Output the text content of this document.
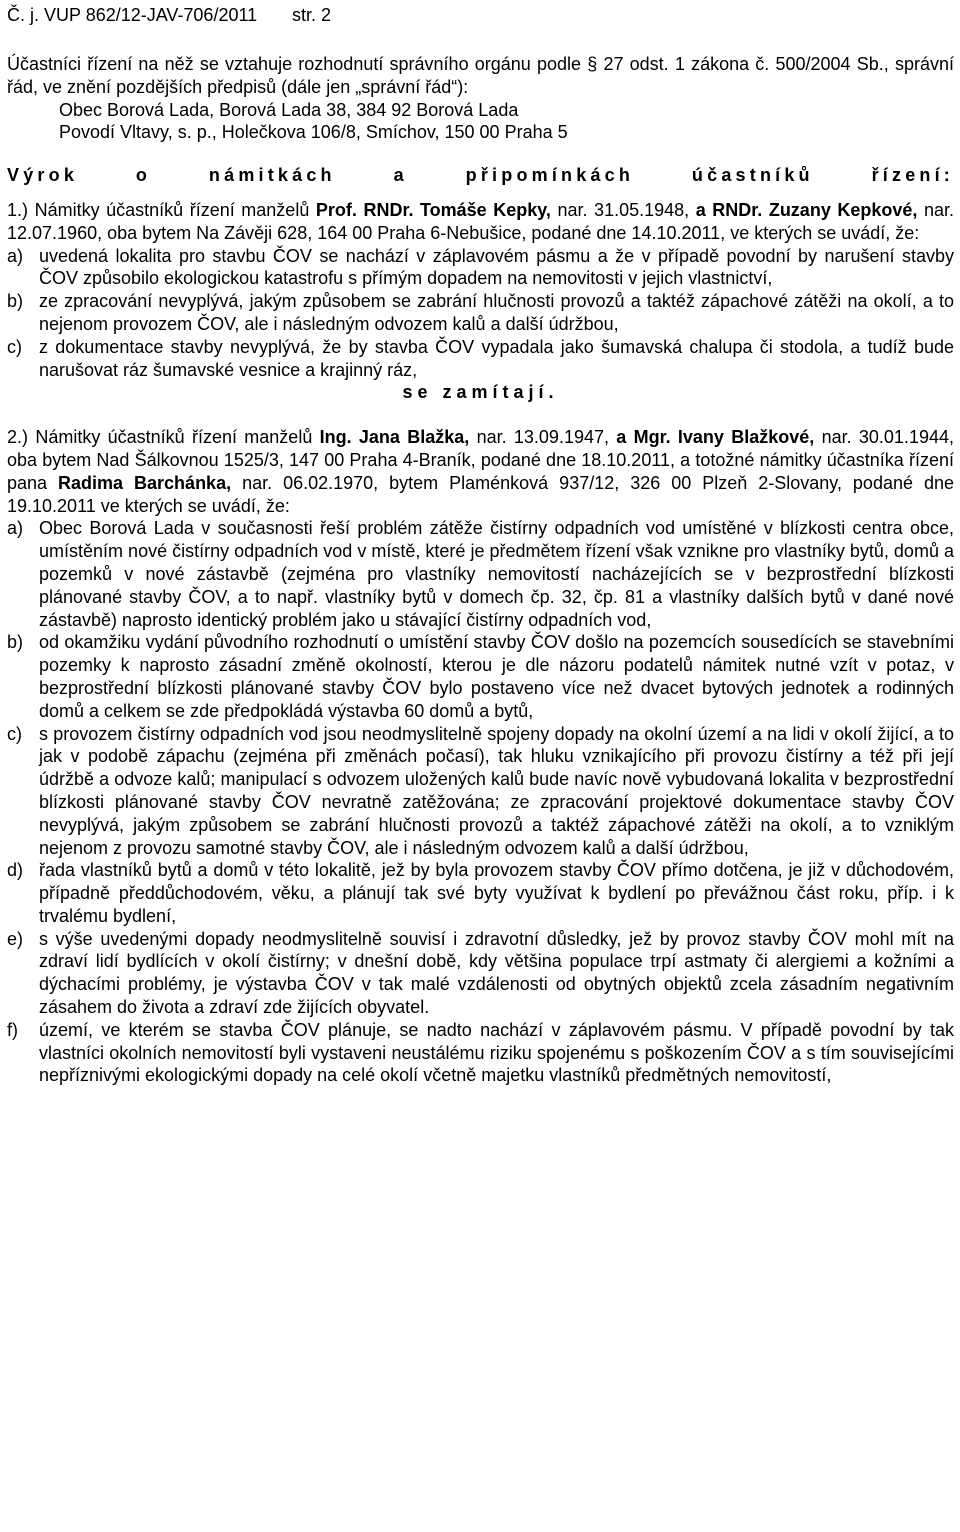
Č. j. VUP 862/12-JAV-706/2011	str. 2

Účastníci řízení na něž se vztahuje rozhodnutí správního orgánu podle § 27 odst. 1 zákona č. 500/2004 Sb., správní řád, ve znění pozdějších předpisů (dále jen „správní řád“):

Obec Borová Lada, Borová Lada 38, 384 92 Borová Lada
Povodí Vltavy, s. p., Holečkova 106/8, Smíchov, 150 00 Praha 5
Výrok o námitkách a připomínkách účastníků řízení:
1.) Námitky účastníků řízení manželů Prof. RNDr. Tomáše Kepky, nar. 31.05.1948, a RNDr. Zuzany Kepkové, nar. 12.07.1960, oba bytem Na Závěji 628, 164 00 Praha 6-Nebušice, podané dne 14.10.2011, ve kterých se uvádí, že:
a) uvedená lokalita pro stavbu ČOV se nachází v záplavovém pásmu a že v případě povodní by narušení stavby ČOV způsobilo ekologickou katastrofu s přímým dopadem na nemovitosti v jejich vlastnictví,
b) ze zpracování nevyplývá, jakým způsobem se zabrání hlučnosti provozů a taktéž zápachové zátěži na okolí, a to nejenom provozem ČOV, ale i následným odvozem kalů a další údržbou,
c) z dokumentace stavby nevyplývá, že by stavba ČOV vypadala jako šumavská chalupa či stodola, a tudíž bude narušovat ráz šumavské vesnice a krajinný ráz,
se zamítají.
2.) Námitky účastníků řízení manželů Ing. Jana Blažka, nar. 13.09.1947, a Mgr. Ivany Blažkové, nar. 30.01.1944, oba bytem Nad Šálkovnou 1525/3, 147 00 Praha 4-Braník, podané dne 18.10.2011, a totožné námitky účastníka řízení pana Radima Barchánka, nar. 06.02.1970, bytem Plaménková 937/12, 326 00 Plzeň 2-Slovany, podané dne 19.10.2011 ve kterých se uvádí, že:
a) Obec Borová Lada v současnosti řeší problém zátěže čistírny odpadních vod umístěné v blízkosti centra obce, umístěním nové čistírny odpadních vod v místě, které je předmětem řízení však vznikne pro vlastníky bytů, domů a pozemků v nové zástavbě (zejména pro vlastníky nemovitostí nacházejících se v bezprostřední blízkosti plánované stavby ČOV, a to např. vlastníky bytů v domech čp. 32, čp. 81 a vlastníky dalších bytů v dané nové zástavbě) naprosto identický problém jako u stávající čistírny odpadních vod,
b) od okamžiku vydání původního rozhodnutí o umístění stavby ČOV došlo na pozemcích sousedících se stavebními pozemky k naprosto zásadní změně okolností, kterou je dle názoru podatelů námitek nutné vzít v potaz, v bezprostřední blízkosti plánované stavby ČOV bylo postaveno více než dvacet bytových jednotek a rodinných domů a celkem se zde předpokládá výstavba 60 domů a bytů,
c) s provozem čistírny odpadních vod jsou neodmyslitelně spojeny dopady na okolní území a na lidi v okolí žijící, a to jak v podobě zápachu (zejména při změnách počasí), tak hluku vznikajícího při provozu čistírny a též při její údržbě a odvoze kalů; manipulací s odvozem uložených kalů bude navíc nově vybudovaná lokalita v bezprostřední blízkosti plánované stavby ČOV nevratně zatěžována; ze zpracování projektové dokumentace stavby ČOV nevyplývá, jakým způsobem se zabrání hlučnosti provozů a taktéž zápachové zátěži na okolí, a to vzniklým nejenom z provozu samotné stavby ČOV, ale i následným odvozem kalů a další údržbou,
d) řada vlastníků bytů a domů v této lokalitě, jež by byla provozem stavby ČOV přímo dotčena, je již v důchodovém, případně předdůchodovém, věku, a plánují tak své byty využívat k bydlení po převážnou část roku, příp. i k trvalému bydlení,
e) s výše uvedenými dopady neodmyslitelně souvisí i zdravotní důsledky, jež by provoz stavby ČOV mohl mít na zdraví lidí bydlících v okolí čistírny; v dnešní době, kdy většina populace trpí astmaty či alergiemi a kožními a dýchacími problémy, je výstavba ČOV v tak malé vzdálenosti od obytných objektů zcela zásadním negativním zásahem do života a zdraví zde žijících obyvatel.
f)	území, ve kterém se stavba ČOV plánuje, se nadto nachází v záplavovém pásmu. V případě povodní by tak vlastníci okolních nemovitostí byli vystaveni neustálému riziku spojenému s poškozením ČOV a s tím souvisejícími nepříznivými ekologickými dopady na celé okolí včetně majetku vlastníků předmětných nemovitostí,
